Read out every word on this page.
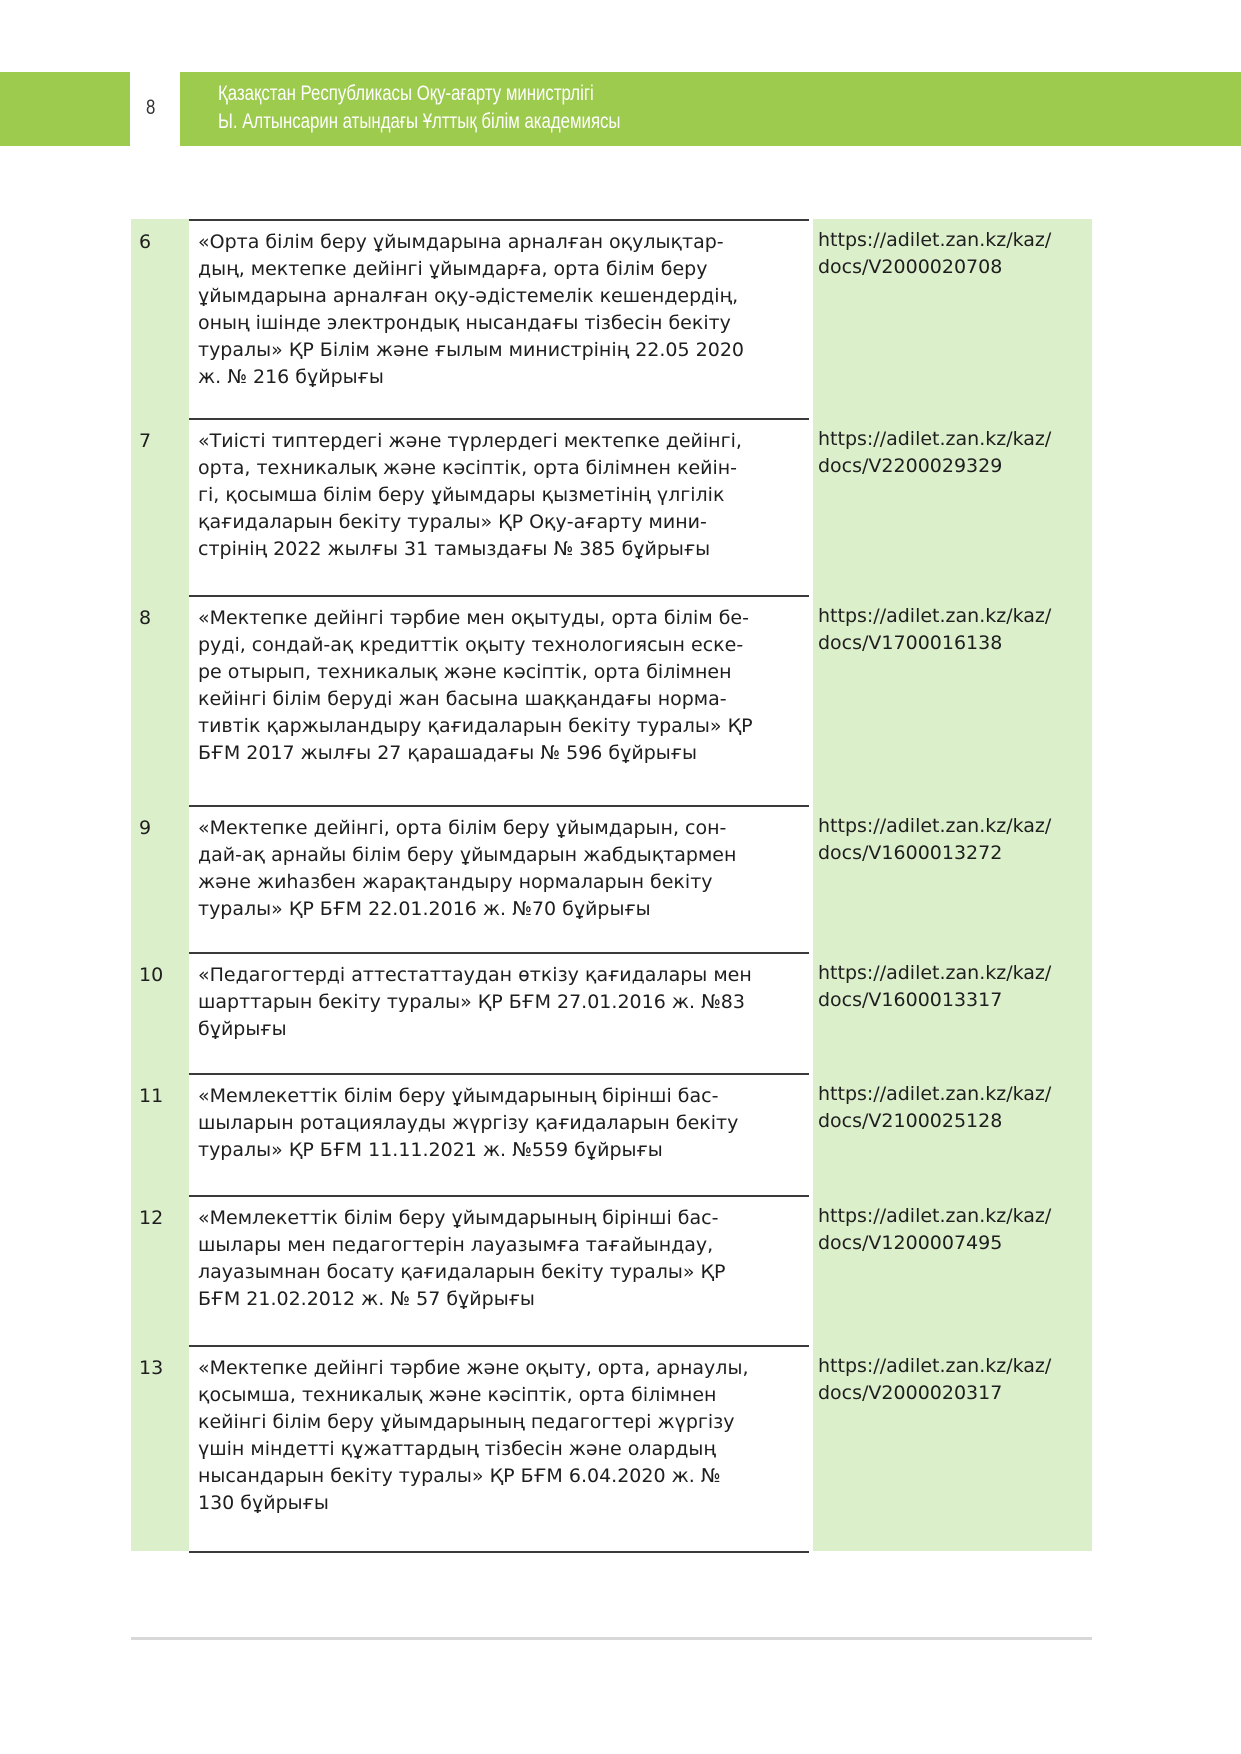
8
Қазақстан Республикасы Оқу-ағарту министрлігі
Ы. Алтынсарин атындағы Ұлттық білім академиясы
6	«Орта білім беру ұйымдарына арналған оқулықтар-
дың, мектепке дейінгі ұйымдарға, орта білім беру
ұйымдарына арналған оқу-әдістемелік кешендердің,
оның ішінде электрондық нысандағы тізбесін бекіту
туралы» ҚР Білім және ғылым министрінің 22.05 2020
ж. № 216 бұйрығы
https://adilet.zan.kz/kaz/
docs/V2000020708
7	«Тиісті типтердегі және түрлердегі мектепке дейінгі,
орта, техникалық және кәсіптік, орта білімнен кейін-
гі, қосымша білім беру ұйымдары қызметінің үлгілік
қағидаларын бекіту туралы» ҚР Оқу-ағарту мини-
стрінің 2022 жылғы 31 тамыздағы № 385 бұйрығы
https://adilet.zan.kz/kaz/
docs/V2200029329
8	«Мектепке дейінгі тәрбие мен оқытуды, орта білім бе-
руді, сондай-ақ кредиттік оқыту технологиясын ескe-
ре отырып, техникалық және кәсіптік, орта білімнен
кейінгі білім беруді жан басына шаққандағы норма-
тивтік қаржыландыру қағидаларын бекіту туралы» ҚР
БҒМ 2017 жылғы 27 қарашадағы № 596 бұйрығы
https://adilet.zan.kz/kaz/
docs/V1700016138
9	«Мектепке дейінгі, орта білім беру ұйымдарын, сон-
дай-ақ арнайы білім беру ұйымдарын жабдықтармен
және жиһазбен жарақтандыру нормаларын бекіту
туралы» ҚР БҒМ 22.01.2016 ж. №70 бұйрығы
https://adilet.zan.kz/kaz/
docs/V1600013272
10	«Педагогтерді аттестаттаудан өткізу қағидалары мен
шарттарын бекіту туралы» ҚР БҒМ 27.01.2016 ж. №83
бұйрығы
https://adilet.zan.kz/kaz/
docs/V1600013317
11	«Мемлекеттік білім беру ұйымдарының бірінші бас-
шыларын ротациялауды жүргізу қағидаларын бекіту
туралы» ҚР БҒМ 11.11.2021 ж. №559 бұйрығы
https://adilet.zan.kz/kaz/
docs/V2100025128
12	«Мемлекеттік білім беру ұйымдарының бірінші бас-
шылары мен педагогтерін лауазымға тағайындау,
лауазымнан босату қағидаларын бекіту туралы» ҚР
БҒМ 21.02.2012 ж. № 57 бұйрығы
https://adilet.zan.kz/kaz/
docs/V1200007495
13	«Мектепке дейінгі тәрбие және оқыту, орта, арнаулы,
қосымша, техникалық және кәсіптік, орта білімнен
кейінгі білім беру ұйымдарының педагогтері жүргізу
үшін міндетті құжаттардың тізбесін және олардың
нысандарын бекіту туралы» ҚР БҒМ 6.04.2020 ж. №
130 бұйрығы
https://adilet.zan.kz/kaz/
docs/V2000020317
